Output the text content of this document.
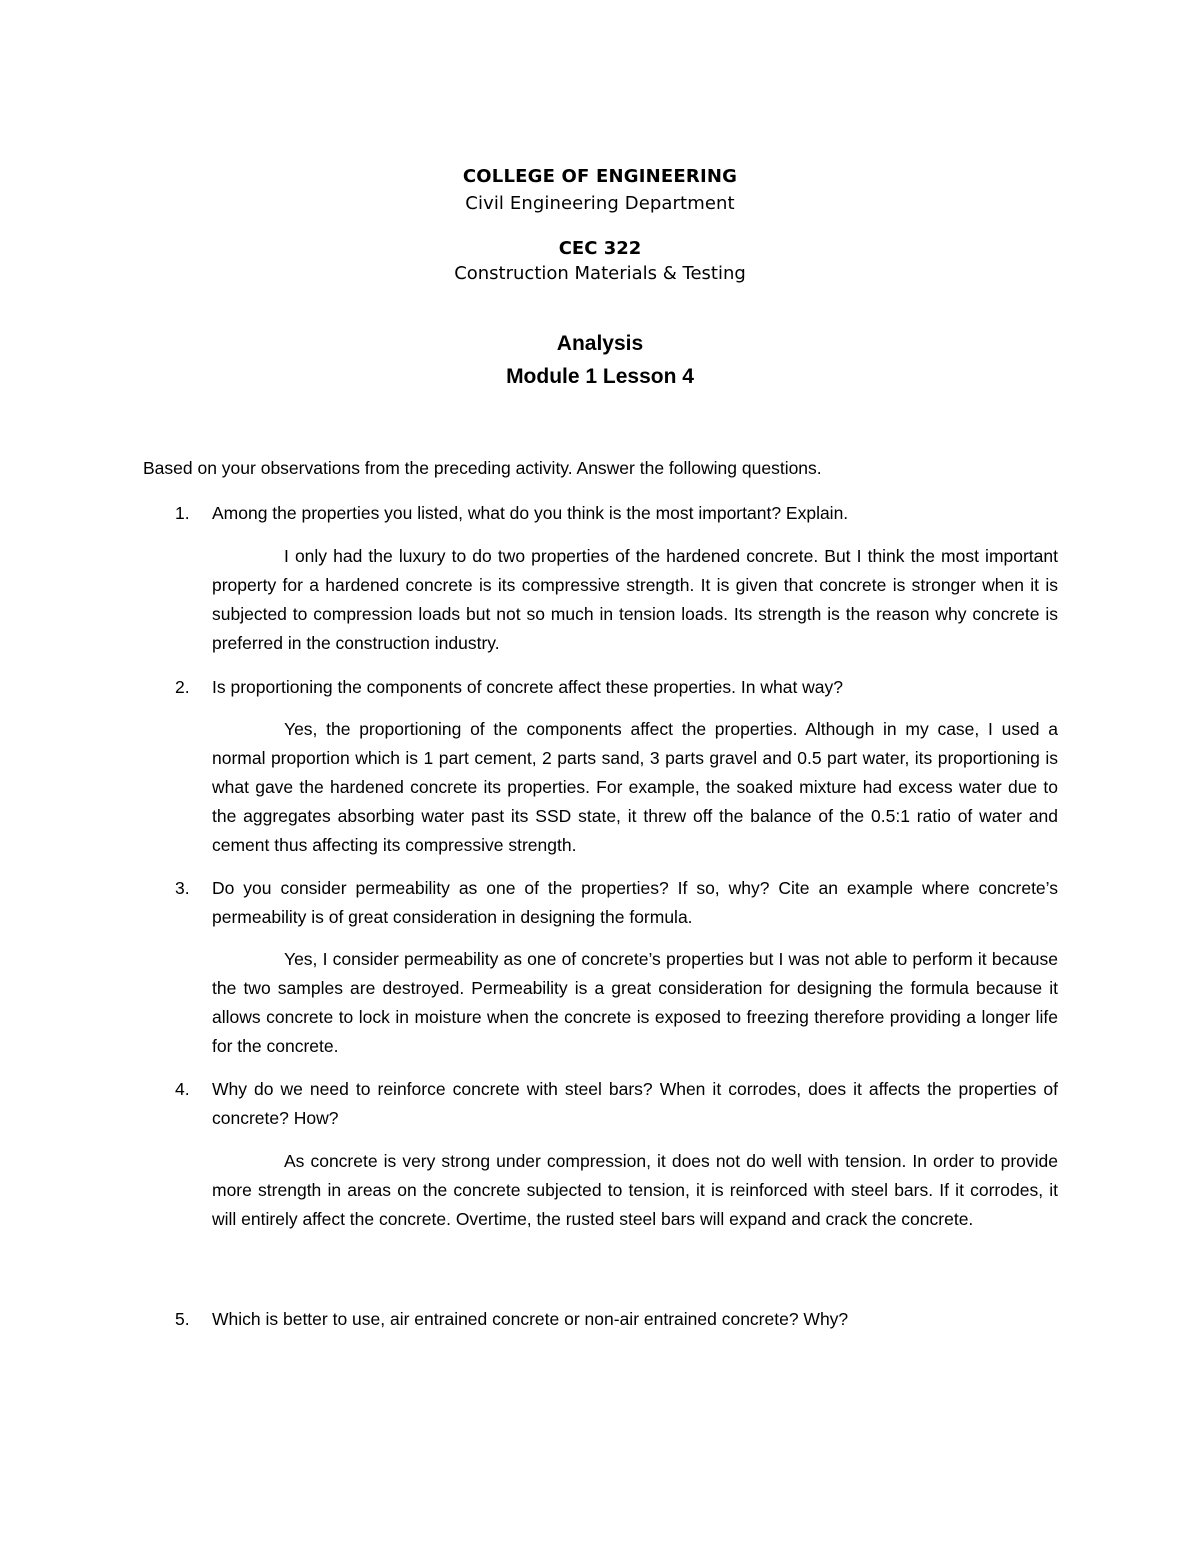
COLLEGE OF ENGINEERING
Civil Engineering Department
CEC 322
Construction Materials & Testing
Analysis
Module 1 Lesson 4
Based on your observations from the preceding activity. Answer the following questions.
1.	Among the properties you listed, what do you think is the most important? Explain.
I only had the luxury to do two properties of the hardened concrete. But I think the most important property for a hardened concrete is its compressive strength. It is given that concrete is stronger when it is subjected to compression loads but not so much in tension loads. Its strength is the reason why concrete is preferred in the construction industry.
2.	Is proportioning the components of concrete affect these properties. In what way?
Yes, the proportioning of the components affect the properties. Although in my case, I used a normal proportion which is 1 part cement, 2 parts sand, 3 parts gravel and 0.5 part water, its proportioning is what gave the hardened concrete its properties. For example, the soaked mixture had excess water due to the aggregates absorbing water past its SSD state, it threw off the balance of the 0.5:1 ratio of water and cement thus affecting its compressive strength.
3.	Do you consider permeability as one of the properties? If so, why? Cite an example where concrete’s permeability is of great consideration in designing the formula.
Yes, I consider permeability as one of concrete’s properties but I was not able to perform it because the two samples are destroyed. Permeability is a great consideration for designing the formula because it allows concrete to lock in moisture when the concrete is exposed to freezing therefore providing a longer life for the concrete.
4.	Why do we need to reinforce concrete with steel bars? When it corrodes, does it affects the properties of concrete? How?
As concrete is very strong under compression, it does not do well with tension. In order to provide more strength in areas on the concrete subjected to tension, it is reinforced with steel bars. If it corrodes, it will entirely affect the concrete. Overtime, the rusted steel bars will expand and crack the concrete.
5.	Which is better to use, air entrained concrete or non-air entrained concrete? Why?
